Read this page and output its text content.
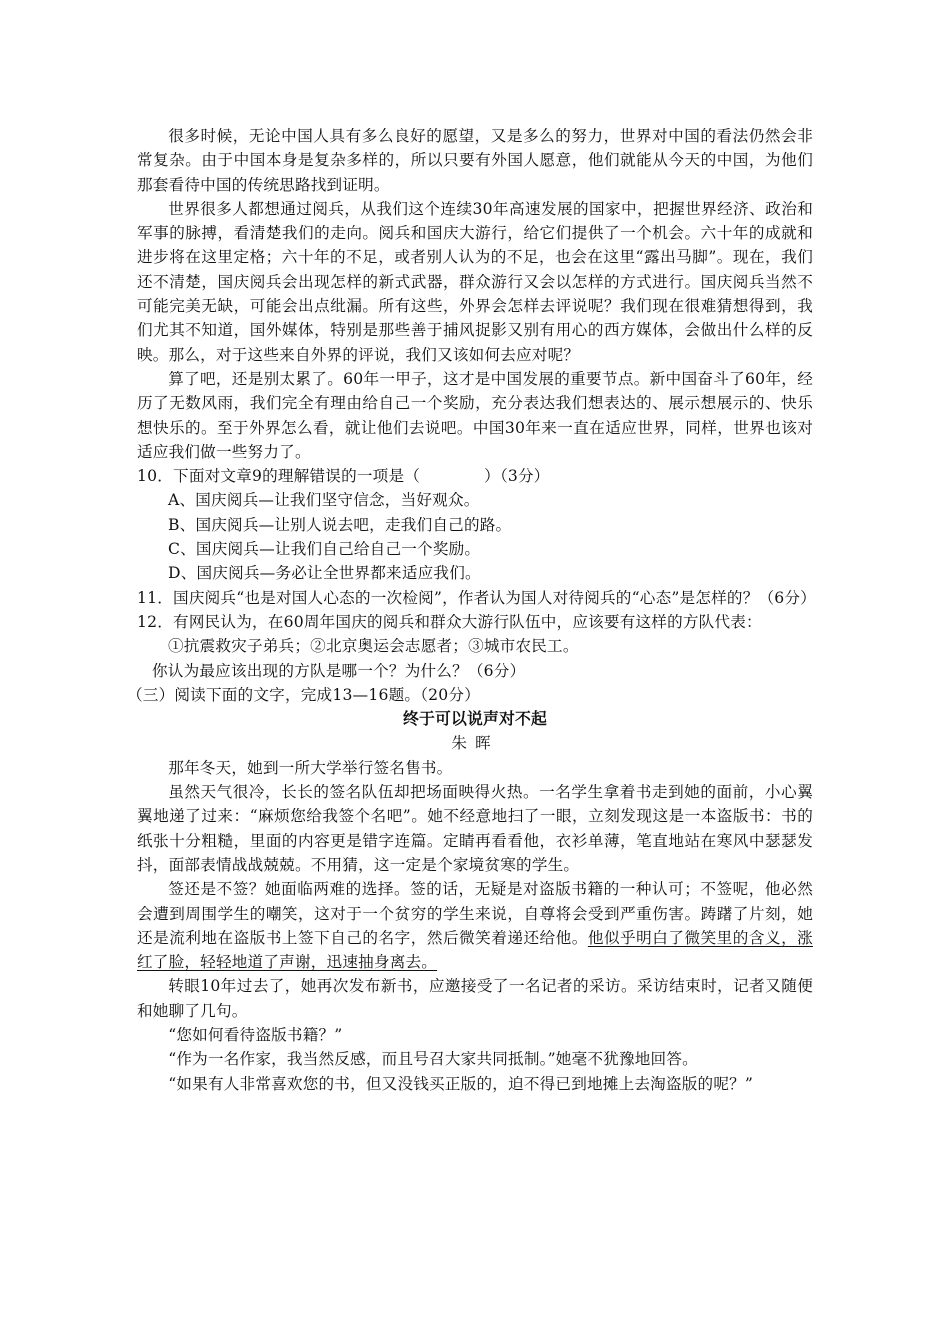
很多时候，无论中国人具有多么良好的愿望，又是多么的努力，世界对中国的看法仍然会非常复杂。由于中国本身是复杂多样的，所以只要有外国人愿意，他们就能从今天的中国，为他们那套看待中国的传统思路找到证明。

世界很多人都想通过阅兵，从我们这个连续30年高速发展的国家中，把握世界经济、政治和军事的脉搏，看清楚我们的走向。阅兵和国庆大游行，给它们提供了一个机会。六十年的成就和进步将在这里定格；六十年的不足，或者别人认为的不足，也会在这里“露出马脚”。现在，我们还不清楚，国庆阅兵会出现怎样的新式武器，群众游行又会以怎样的方式进行。国庆阅兵当然不可能完美无缺，可能会出点纰漏。所有这些，外界会怎样去评说呢？我们现在很难猜想得到，我们尤其不知道，国外媒体，特别是那些善于捕风捉影又别有用心的西方媒体，会做出什么样的反映。那么，对于这些来自外界的评说，我们又该如何去应对呢？

算了吧，还是别太累了。60年一甲子，这才是中国发展的重要节点。新中国奋斗了60年，经历了无数风雨，我们完全有理由给自己一个奖励，充分表达我们想表达的、展示想展示的、快乐想快乐的。至于外界怎么看，就让他们去说吧。中国30年来一直在适应世界，同样，世界也该对适应我们做一些努力了。

10．下面对文章9的理解错误的一项是（	）（3分）

A、国庆阅兵—让我们坚守信念，当好观众。

B、国庆阅兵—让别人说去吧，走我们自己的路。

C、国庆阅兵—让我们自己给自己一个奖励。

D、国庆阅兵—务必让全世界都来适应我们。

11．国庆阅兵“也是对国人心态的一次检阅”，作者认为国人对待阅兵的“心态”是怎样的？（6分）

12．有网民认为，在60周年国庆的阅兵和群众大游行队伍中，应该要有这样的方队代表：

①抗震救灾子弟兵；②北京奥运会志愿者；③城市农民工。

你认为最应该出现的方队是哪一个？为什么？（6分）

（三）阅读下面的文字，完成13—16题。（20分）

终于可以说声对不起

朱晖

那年冬天，她到一所大学举行签名售书。

虽然天气很冷，长长的签名队伍却把场面映得火热。一名学生拿着书走到她的面前，小心翼翼地递了过来：“麻烦您给我签个名吧”。她不经意地扫了一眼，立刻发现这是一本盗版书：书的纸张十分粗糙，里面的内容更是错字连篇。定睛再看看他，衣衫单薄，笔直地站在寒风中瑟瑟发抖，面部表情战战兢兢。不用猜，这一定是个家境贫寒的学生。

签还是不签？她面临两难的选择。签的话，无疑是对盗版书籍的一种认可；不签呢，他必然会遭到周围学生的嘲笑，这对于一个贫穷的学生来说，自尊将会受到严重伤害。踌躇了片刻，她还是流利地在盗版书上签下自己的名字，然后微笑着递还给他。他似乎明白了微笑里的含义，涨红了脸，轻轻地道了声谢，迅速抽身离去。

转眼10年过去了，她再次发布新书，应邀接受了一名记者的采访。采访结束时，记者又随便和她聊了几句。

“您如何看待盗版书籍？”

“作为一名作家，我当然反感，而且号召大家共同抵制。”她毫不犹豫地回答。

“如果有人非常喜欢您的书，但又没钱买正版的，迫不得已到地摊上去淘盗版的呢？”
